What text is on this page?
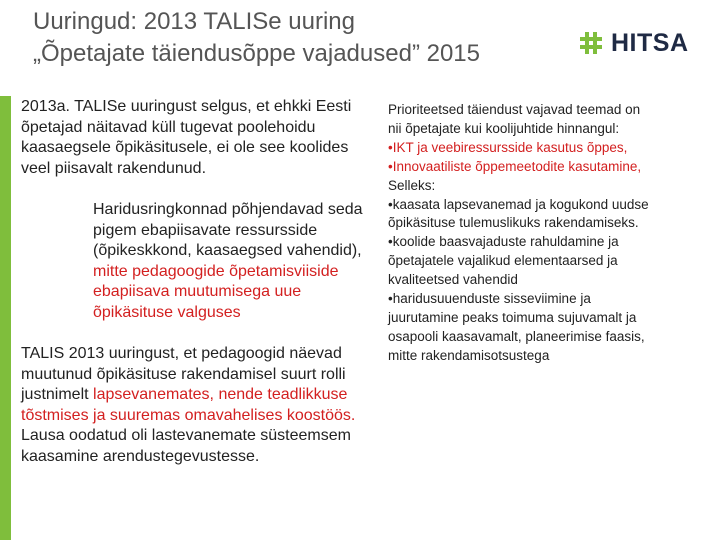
Uuringud: 2013 TALISe uuring
„Õpetajate täiendusõppe vajadused” 2015	HITSA

2013a. TALISe uuringust selgus, et ehkki Eesti õpetajad näitavad küll tugevat poolehoidu kaasaegsele õpikäsitusele, ei ole see koolides veel piisavalt rakendunud.

Haridusringkonnad põhjendavad seda pigem ebapiisavate ressursside (õpikeskkond, kaasaegsed vahendid), mitte pedagoogide õpetamisviiside ebapiisava muutumisega uue õpikäsituse valguses

TALIS 2013 uuringust, et pedagoogid näevad muutunud õpikäsituse rakendamisel suurt rolli justnimelt lapsevanemates, nende teadlikkuse tõstmises ja suuremas omavahelises koostöös. Lausa oodatud oli lastevanemate süsteemsem kaasamine arendustegevustesse.

Prioriteetsed täiendust vajavad teemad on
nii õpetajate kui koolijuhtide hinnangul:
•IKT ja veebiressursside kasutus õppes,
•Innovaatiliste õppemeetodite kasutamine,
Selleks:
•kaasata lapsevanemad ja kogukond uudse
õpikäsituse tulemuslikuks rakendamiseks.
•koolide baasvajaduste rahuldamine ja
õpetajatele vajalikud elementaarsed ja
kvaliteetsed vahendid
•haridusuuenduste sisseviimine ja
juurutamine peaks toimuma sujuvamalt ja
osapooli kaasavamalt, planeerimise faasis,
mitte rakendamisotsustega
